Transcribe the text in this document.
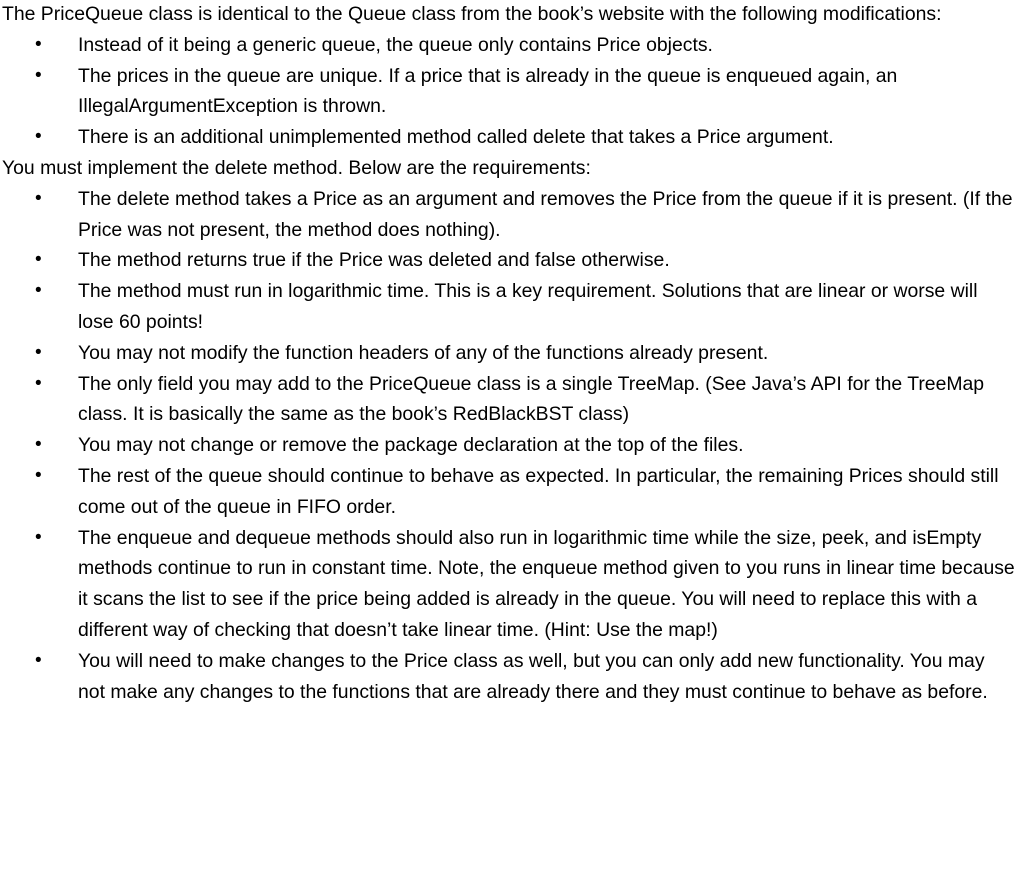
The PriceQueue class is identical to the Queue class from the book’s website with the following modifications:

• Instead of it being a generic queue, the queue only contains Price objects.
• The prices in the queue are unique. If a price that is already in the queue is enqueued again, an IllegalArgumentException is thrown.
• There is an additional unimplemented method called delete that takes a Price argument.

You must implement the delete method. Below are the requirements:

• The delete method takes a Price as an argument and removes the Price from the queue if it is present. (If the Price was not present, the method does nothing).
• The method returns true if the Price was deleted and false otherwise.
• The method must run in logarithmic time. This is a key requirement. Solutions that are linear or worse will lose 60 points!
• You may not modify the function headers of any of the functions already present.
• The only field you may add to the PriceQueue class is a single TreeMap. (See Java’s API for the TreeMap class. It is basically the same as the book’s RedBlackBST class)
• You may not change or remove the package declaration at the top of the files.
• The rest of the queue should continue to behave as expected. In particular, the remaining Prices should still come out of the queue in FIFO order.
• The enqueue and dequeue methods should also run in logarithmic time while the size, peek, and isEmpty methods continue to run in constant time. Note, the enqueue method given to you runs in linear time because it scans the list to see if the price being added is already in the queue. You will need to replace this with a different way of checking that doesn’t take linear time. (Hint: Use the map!)
• You will need to make changes to the Price class as well, but you can only add new functionality. You may not make any changes to the functions that are already there and they must continue to behave as before.
